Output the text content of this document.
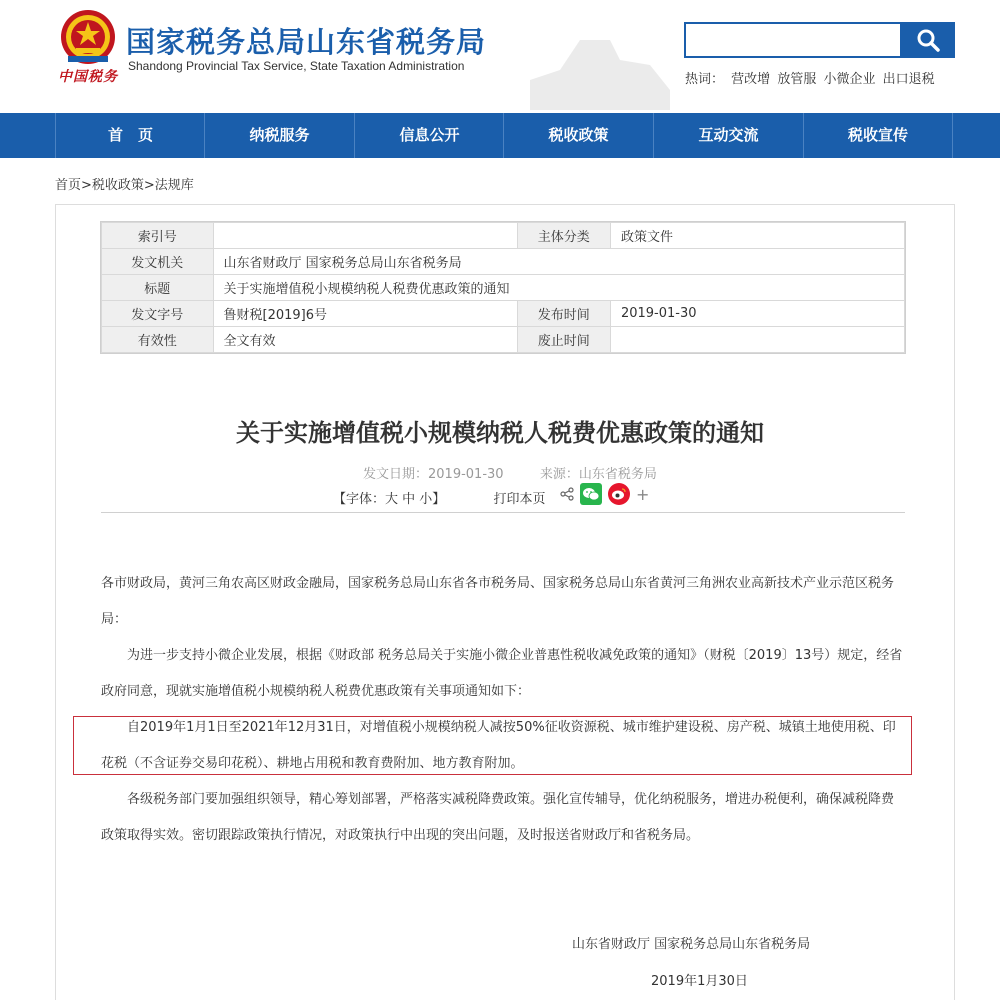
中国税务
国家税务总局山东省税务局
Shandong Provincial Tax Service, State Taxation Administration
热词： 营改增 放管服 小微企业 出口退税
首　页	纳税服务	信息公开	税收政策	互动交流	税收宣传
首页>税收政策>法规库
索引号		主体分类	政策文件
发文机关	山东省财政厅 国家税务总局山东省税务局		
标题	关于实施增值税小规模纳税人税费优惠政策的通知		
发文字号	鲁财税[2019]6号	发布时间	2019-01-30
有效性	全文有效	废止时间	
关于实施增值税小规模纳税人税费优惠政策的通知
发文日期：2019-01-30	来源：山东省税务局
【字体：大 中 小】	打印本页	+
各市财政局，黄河三角农高区财政金融局，国家税务总局山东省各市税务局、国家税务总局山东省黄河三角洲农业高新技术产业示范区税务局：
为进一步支持小微企业发展，根据《财政部 税务总局关于实施小微企业普惠性税收减免政策的通知》（财税〔2019〕13号）规定，经省政府同意，现就实施增值税小规模纳税人税费优惠政策有关事项通知如下：
自2019年1月1日至2021年12月31日，对增值税小规模纳税人减按50%征收资源税、城市维护建设税、房产税、城镇土地使用税、印花税（不含证券交易印花税）、耕地占用税和教育费附加、地方教育附加。
各级税务部门要加强组织领导，精心筹划部署，严格落实减税降费政策。强化宣传辅导，优化纳税服务，增进办税便利，确保减税降费政策取得实效。密切跟踪政策执行情况，对政策执行中出现的突出问题，及时报送省财政厅和省税务局。
山东省财政厅 国家税务总局山东省税务局
2019年1月30日
